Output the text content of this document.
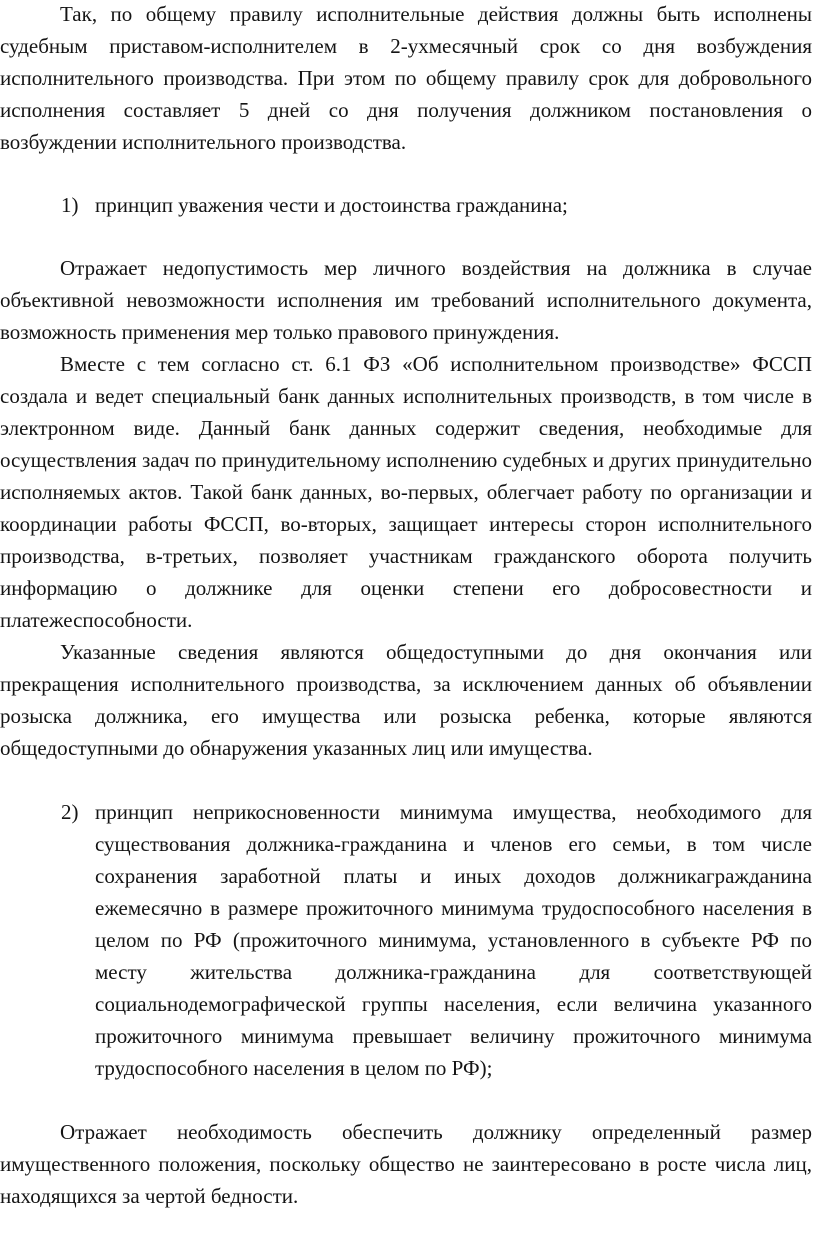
Так, по общему правилу исполнительные действия должны быть исполнены судебным приставом-исполнителем в 2-ухмесячный срок со дня возбуждения исполнительного производства. При этом по общему правилу срок для добровольного исполнения составляет 5 дней со дня получения должником постановления о возбуждении исполнительного производства.

1) принцип уважения чести и достоинства гражданина;

Отражает недопустимость мер личного воздействия на должника в случае объективной невозможности исполнения им требований исполнительного документа, возможность применения мер только правового принуждения.

Вместе с тем согласно ст. 6.1 ФЗ «Об исполнительном производстве» ФССП создала и ведет специальный банк данных исполнительных производств, в том числе в электронном виде. Данный банк данных содержит сведения, необходимые для осуществления задач по принудительному исполнению судебных и других принудительно исполняемых актов. Такой банк данных, во-первых, облегчает работу по организации и координации работы ФССП, во-вторых, защищает интересы сторон исполнительного производства, в-третьих, позволяет участникам гражданского оборота получить информацию о должнике для оценки степени его добросовестности и платежеспособности.

Указанные сведения являются общедоступными до дня окончания или прекращения исполнительного производства, за исключением данных об объявлении розыска должника, его имущества или розыска ребенка, которые являются общедоступными до обнаружения указанных лиц или имущества.

2) принцип неприкосновенности минимума имущества, необходимого для существования должника-гражданина и членов его семьи, в том числе сохранения заработной платы и иных доходов должникагражданина ежемесячно в размере прожиточного минимума трудоспособного населения в целом по РФ (прожиточного минимума, установленного в субъекте РФ по месту жительства должника-гражданина для соответствующей социальнодемографической группы населения, если величина указанного прожиточного минимума превышает величину прожиточного минимума трудоспособного населения в целом по РФ);

Отражает необходимость обеспечить должнику определенный размер имущественного положения, поскольку общество не заинтересовано в росте числа лиц, находящихся за чертой бедности.
